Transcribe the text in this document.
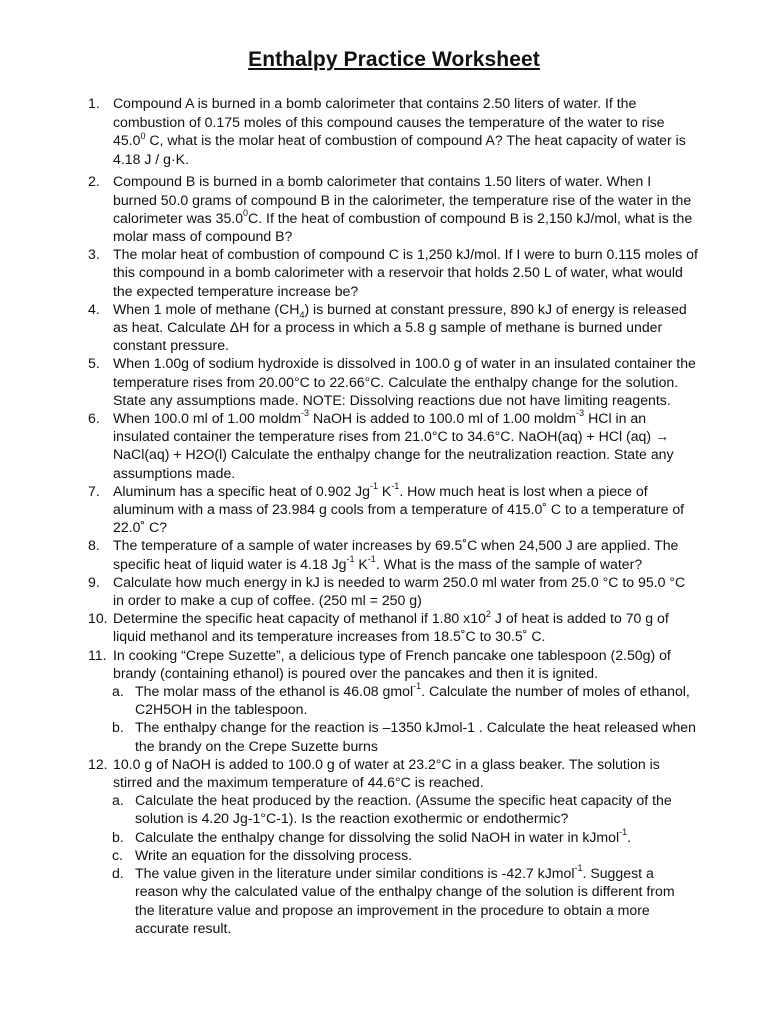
Enthalpy Practice Worksheet
1. Compound A is burned in a bomb calorimeter that contains 2.50 liters of water. If the combustion of 0.175 moles of this compound causes the temperature of the water to rise 45.0$^0$ C, what is the molar heat of combustion of compound A? The heat capacity of water is 4.18 J / g·K.
2. Compound B is burned in a bomb calorimeter that contains 1.50 liters of water. When I burned 50.0 grams of compound B in the calorimeter, the temperature rise of the water in the calorimeter was 35.0$^0$C. If the heat of combustion of compound B is 2,150 kJ/mol, what is the molar mass of compound B?
3. The molar heat of combustion of compound C is 1,250 kJ/mol. If I were to burn 0.115 moles of this compound in a bomb calorimeter with a reservoir that holds 2.50 L of water, what would the expected temperature increase be?
4. When 1 mole of methane $(CH_4)$ is burned at constant pressure, 890 kJ of energy is released as heat. Calculate ΔH for a process in which a 5.8 g sample of methane is burned under constant pressure.
5. When 1.00g of sodium hydroxide is dissolved in 100.0 g of water in an insulated container the temperature rises from 20.00°C to 22.66°C. Calculate the enthalpy change for the solution. State any assumptions made. NOTE: Dissolving reactions due not have limiting reagents.
6. When 100.0 ml of 1.00 moldm$^{-3}$ NaOH is added to 100.0 ml of 1.00 moldm$^{-3}$ HCl in an insulated container the temperature rises from 21.0°C to 34.6°C. NaOH(aq) + HCl (aq) → NaCl(aq) + H2O(l) Calculate the enthalpy change for the neutralization reaction. State any assumptions made.
7. Aluminum has a specific heat of 0.902 $Jg^{-1}$ $K^{-1}$. How much heat is lost when a piece of aluminum with a mass of 23.984 g cools from a temperature of 415.0˚ C to a temperature of 22.0˚ C?
8. The temperature of a sample of water increases by 69.5˚C when 24,500 J are applied. The specific heat of liquid water is 4.18 $Jg^{-1}$ $K^{-1}$. What is the mass of the sample of water?
9. Calculate how much energy in kJ is needed to warm 250.0 ml water from 25.0 °C to 95.0 °C in order to make a cup of coffee. (250 ml = 250 g)
10. Determine the specific heat capacity of methanol if 1.80 $x10^2$ J of heat is added to 70 g of liquid methanol and its temperature increases from 18.5˚C to 30.5˚ C.
11. In cooking “Crepe Suzette”, a delicious type of French pancake one tablespoon (2.50g) of brandy (containing ethanol) is poured over the pancakes and then it is ignited.
a. The molar mass of the ethanol is 46.08 gmol$^{-1}$. Calculate the number of moles of ethanol, C2H5OH in the tablespoon.
b. The enthalpy change for the reaction is –1350 kJmol-1 . Calculate the heat released when the brandy on the Crepe Suzette burns
12. 10.0 g of NaOH is added to 100.0 g of water at 23.2°C in a glass beaker. The solution is stirred and the maximum temperature of 44.6°C is reached.
a. Calculate the heat produced by the reaction. (Assume the specific heat capacity of the solution is 4.20 Jg-1°C-1). Is the reaction exothermic or endothermic?
b. Calculate the enthalpy change for dissolving the solid NaOH in water in kJmol$^{-1}$.
c. Write an equation for the dissolving process.
d. The value given in the literature under similar conditions is -42.7 kJmol$^{-1}$. Suggest a reason why the calculated value of the enthalpy change of the solution is different from the literature value and propose an improvement in the procedure to obtain a more accurate result.
